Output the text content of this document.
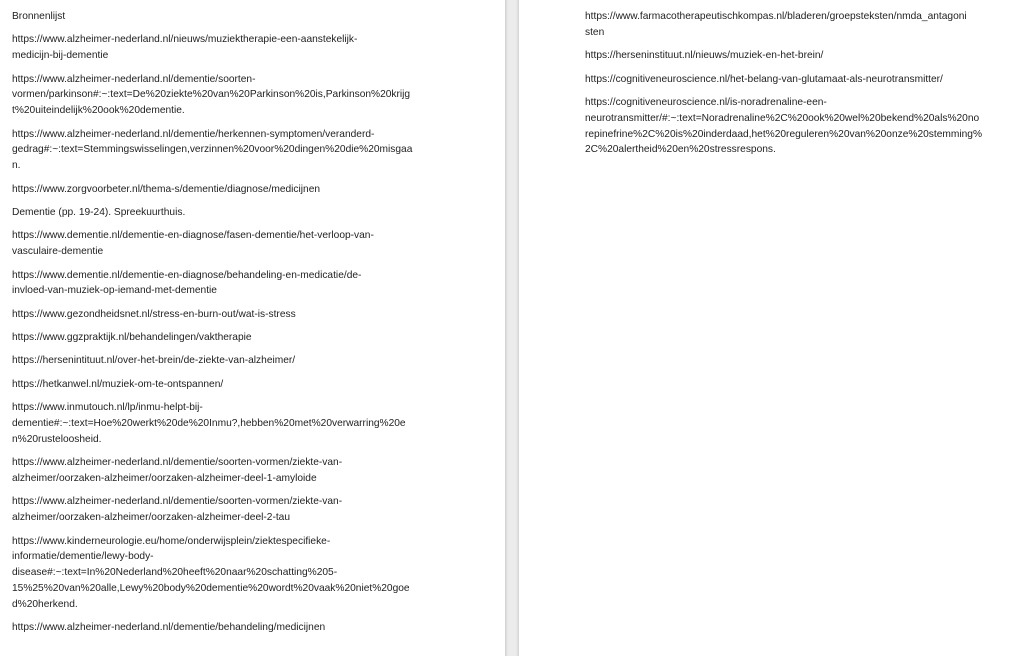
Bronnenlijst
https://www.alzheimer-nederland.nl/nieuws/muziektherapie-een-aanstekelijk-
medicijn-bij-dementie
https://www.alzheimer-nederland.nl/dementie/soorten-
vormen/parkinson#:~:text=De%20ziekte%20van%20Parkinson%20is,Parkinson%20krijg
t%20uiteindelijk%20ook%20dementie.
https://www.alzheimer-nederland.nl/dementie/herkennen-symptomen/veranderd-
gedrag#:~:text=Stemmingswisselingen,verzinnen%20voor%20dingen%20die%20misgaa
n.
https://www.zorgvoorbeter.nl/thema-s/dementie/diagnose/medicijnen
Dementie (pp. 19-24). Spreekuurthuis.
https://www.dementie.nl/dementie-en-diagnose/fasen-dementie/het-verloop-van-
vasculaire-dementie
https://www.dementie.nl/dementie-en-diagnose/behandeling-en-medicatie/de-
invloed-van-muziek-op-iemand-met-dementie
https://www.gezondheidsnet.nl/stress-en-burn-out/wat-is-stress
https://www.ggzpraktijk.nl/behandelingen/vaktherapie
https://hersenintituut.nl/over-het-brein/de-ziekte-van-alzheimer/
https://hetkanwel.nl/muziek-om-te-ontspannen/
https://www.inmutouch.nl/lp/inmu-helpt-bij-
dementie#:~:text=Hoe%20werkt%20de%20Inmu?,hebben%20met%20verwarring%20e
n%20rusteloosheid.
https://www.alzheimer-nederland.nl/dementie/soorten-vormen/ziekte-van-
alzheimer/oorzaken-alzheimer/oorzaken-alzheimer-deel-1-amyloide
https://www.alzheimer-nederland.nl/dementie/soorten-vormen/ziekte-van-
alzheimer/oorzaken-alzheimer/oorzaken-alzheimer-deel-2-tau
https://www.kinderneurologie.eu/home/onderwijsplein/ziektespecifieke-
informatie/dementie/lewy-body-
disease#:~:text=In%20Nederland%20heeft%20naar%20schatting%205-
15%25%20van%20alle,Lewy%20body%20dementie%20wordt%20vaak%20niet%20goe
d%20herkend.
https://www.alzheimer-nederland.nl/dementie/behandeling/medicijnen
https://www.farmacotherapeutischkompas.nl/bladeren/groepsteksten/nmda_antagoni
sten
https://herseninstituut.nl/nieuws/muziek-en-het-brein/
https://cognitiveneuroscience.nl/het-belang-van-glutamaat-als-neurotransmitter/
https://cognitiveneuroscience.nl/is-noradrenaline-een-
neurotransmitter/#:~:text=Noradrenaline%2C%20ook%20wel%20bekend%20als%20no
repinefrine%2C%20is%20inderdaad,het%20reguleren%20van%20onze%20stemming%
2C%20alertheid%20en%20stressrespons.
